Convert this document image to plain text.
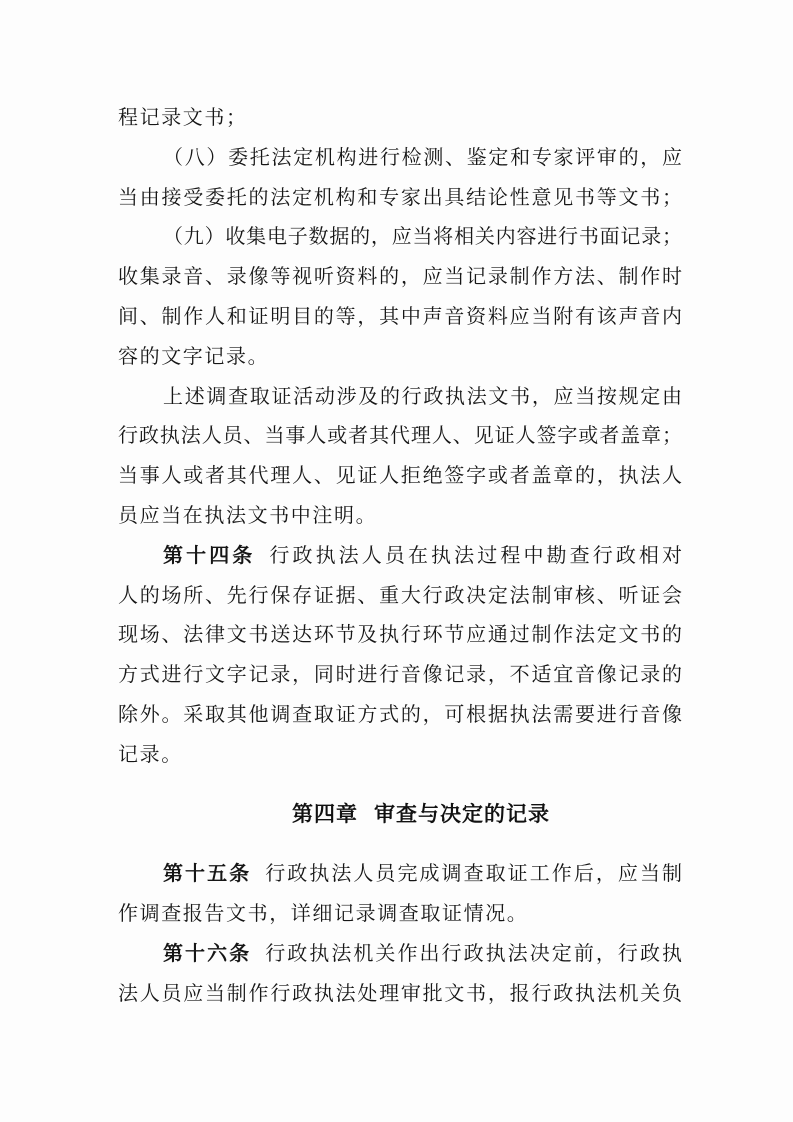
程记录文书；
（八）委托法定机构进行检测、鉴定和专家评审的，应
当由接受委托的法定机构和专家出具结论性意见书等文书；
（九）收集电子数据的，应当将相关内容进行书面记录；
收集录音、录像等视听资料的，应当记录制作方法、制作时
间、制作人和证明目的等，其中声音资料应当附有该声音内
容的文字记录。
上述调查取证活动涉及的行政执法文书，应当按规定由
行政执法人员、当事人或者其代理人、见证人签字或者盖章；
当事人或者其代理人、见证人拒绝签字或者盖章的，执法人
员应当在执法文书中注明。
第十四条 行政执法人员在执法过程中勘查行政相对
人的场所、先行保存证据、重大行政决定法制审核、听证会
现场、法律文书送达环节及执行环节应通过制作法定文书的
方式进行文字记录，同时进行音像记录，不适宜音像记录的
除外。采取其他调查取证方式的，可根据执法需要进行音像
记录。
第四章 审查与决定的记录
第十五条 行政执法人员完成调查取证工作后，应当制
作调查报告文书，详细记录调查取证情况。
第十六条 行政执法机关作出行政执法决定前，行政执
法人员应当制作行政执法处理审批文书，报行政执法机关负
